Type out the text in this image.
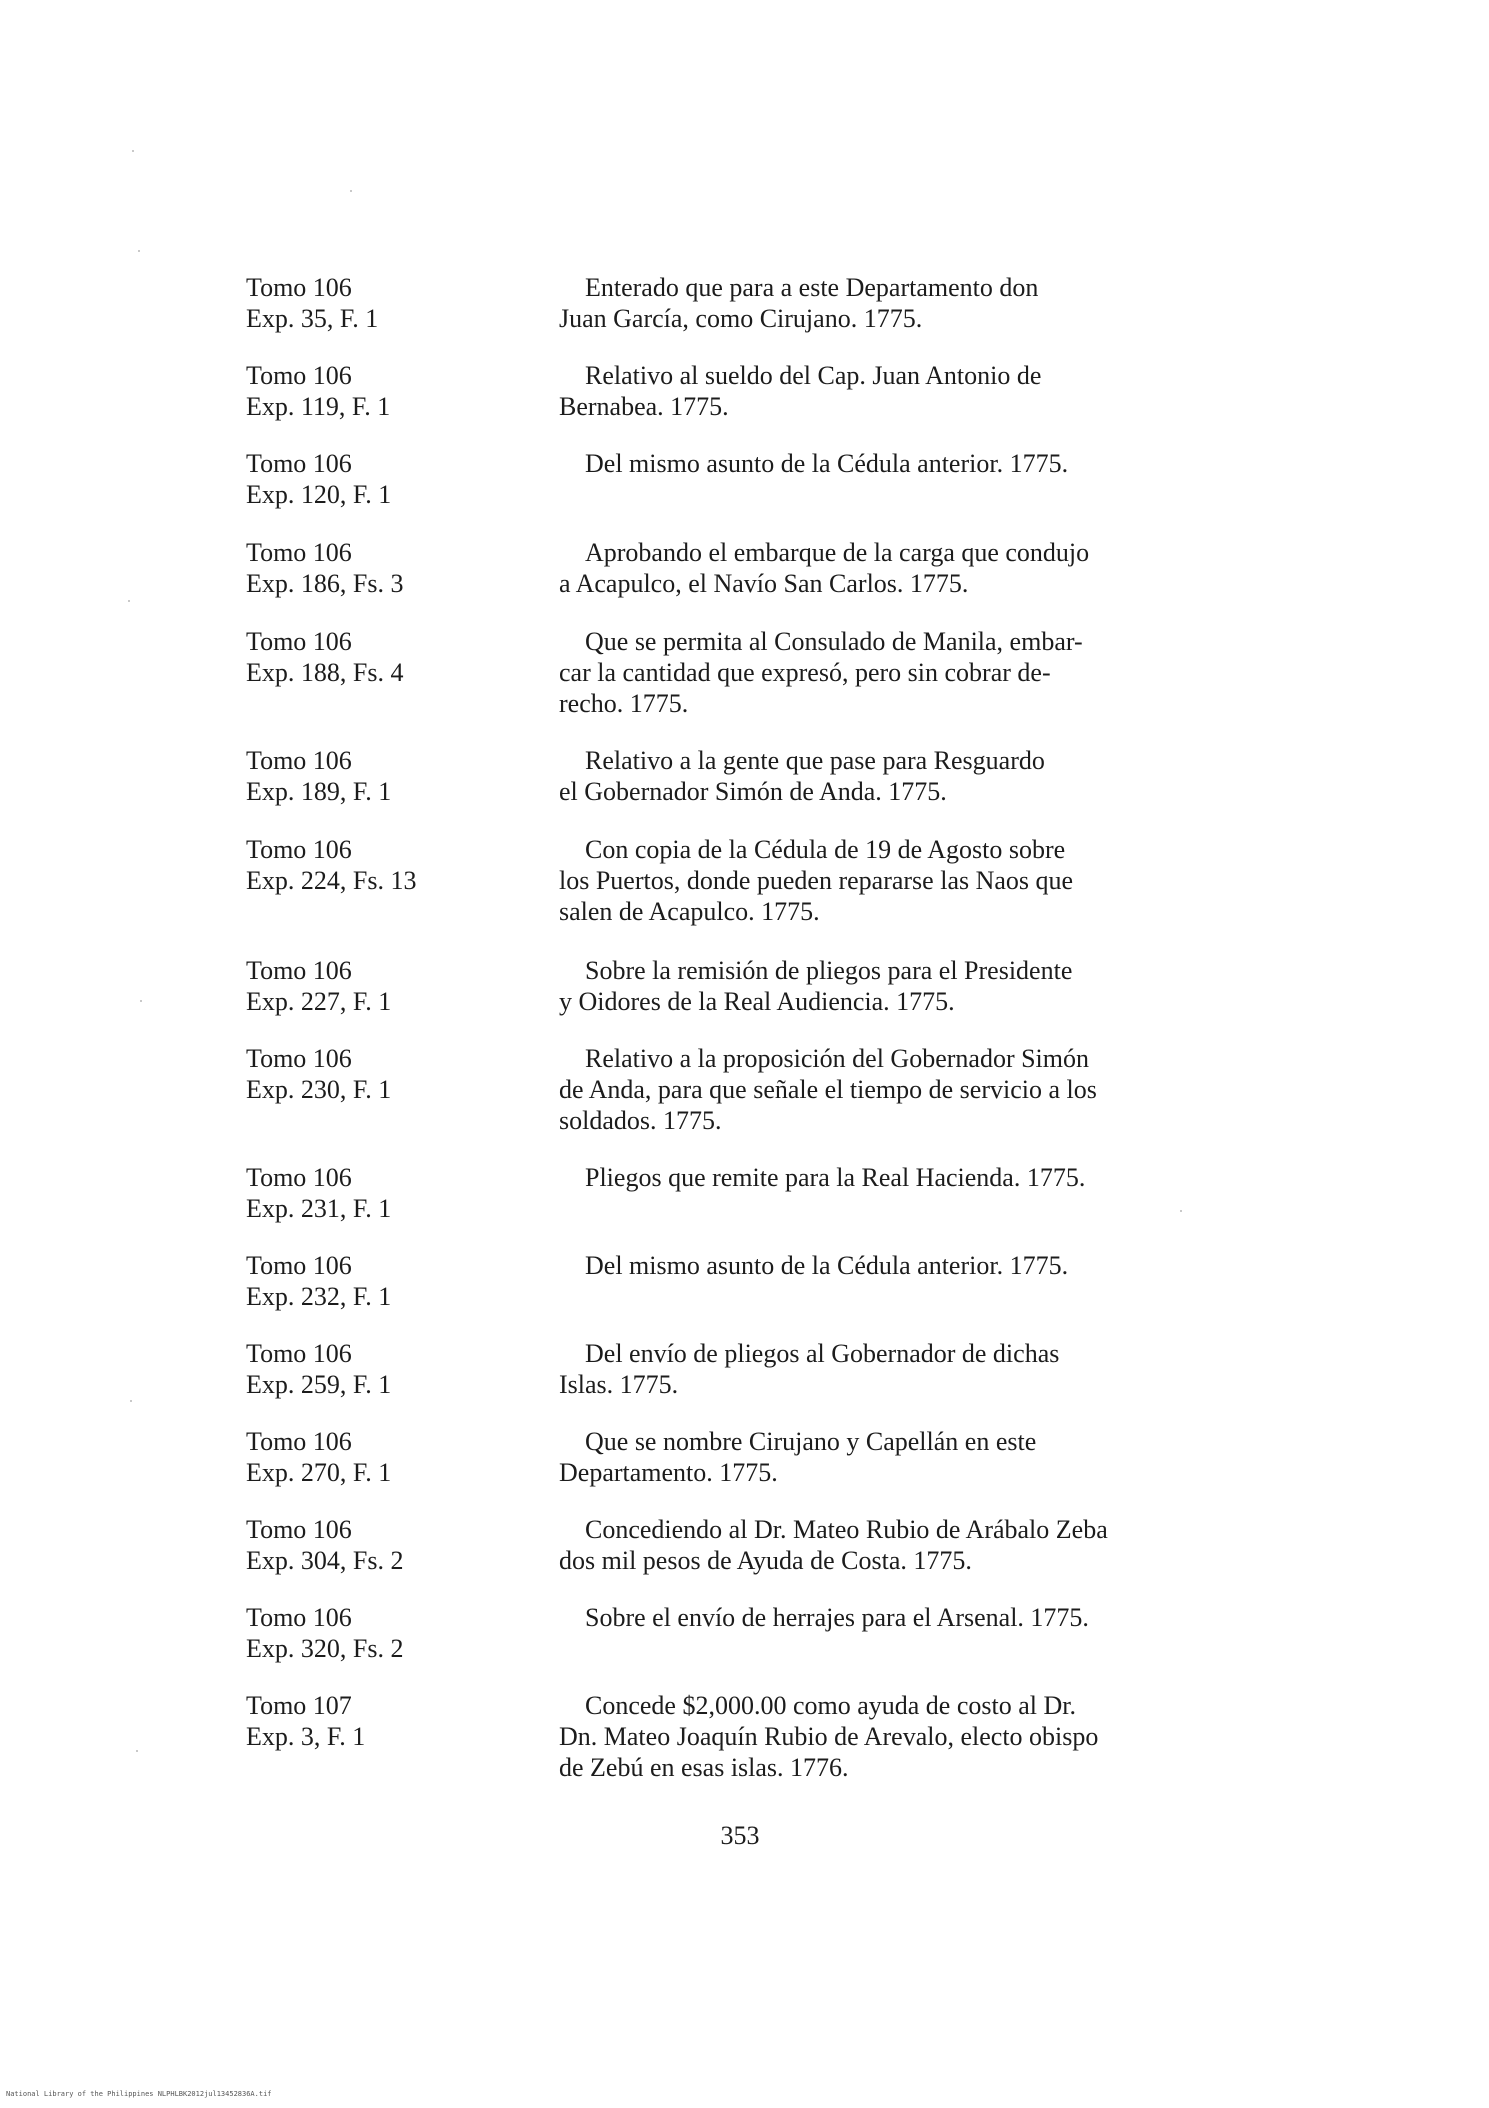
Tomo 106
Exp. 35, F. 1
Enterado que para a este Departamento don
Juan García, como Cirujano. 1775.
Tomo 106
Exp. 119, F. 1
Relativo al sueldo del Cap. Juan Antonio de
Bernabea. 1775.
Tomo 106
Exp. 120, F. 1
Del mismo asunto de la Cédula anterior. 1775.
Tomo 106
Exp. 186, Fs. 3
Aprobando el embarque de la carga que condujo
a Acapulco, el Navío San Carlos. 1775.
Tomo 106
Exp. 188, Fs. 4
Que se permita al Consulado de Manila, embar-
car la cantidad que expresó, pero sin cobrar de-
recho. 1775.
Tomo 106
Exp. 189, F. 1
Relativo a la gente que pase para Resguardo
el Gobernador Simón de Anda. 1775.
Tomo 106
Exp. 224, Fs. 13
Con copia de la Cédula de 19 de Agosto sobre
los Puertos, donde pueden repararse las Naos que
salen de Acapulco. 1775.
Tomo 106
Exp. 227, F. 1
Sobre la remisión de pliegos para el Presidente
y Oidores de la Real Audiencia. 1775.
Tomo 106
Exp. 230, F. 1
Relativo a la proposición del Gobernador Simón
de Anda, para que señale el tiempo de servicio a los
soldados. 1775.
Tomo 106
Exp. 231, F. 1
Pliegos que remite para la Real Hacienda. 1775.
Tomo 106
Exp. 232, F. 1
Del mismo asunto de la Cédula anterior. 1775.
Tomo 106
Exp. 259, F. 1
Del envío de pliegos al Gobernador de dichas
Islas. 1775.
Tomo 106
Exp. 270, F. 1
Que se nombre Cirujano y Capellán en este
Departamento. 1775.
Tomo 106
Exp. 304, Fs. 2
Concediendo al Dr. Mateo Rubio de Arábalo Zeba
dos mil pesos de Ayuda de Costa. 1775.
Tomo 106
Exp. 320, Fs. 2
Sobre el envío de herrajes para el Arsenal. 1775.
Tomo 107
Exp. 3, F. 1
Concede $2,000.00 como ayuda de costo al Dr.
Dn. Mateo Joaquín Rubio de Arevalo, electo obispo
de Zebú en esas islas. 1776.
353
National Library of the Philippines NLPHLBK2012jul13452836A.tif
